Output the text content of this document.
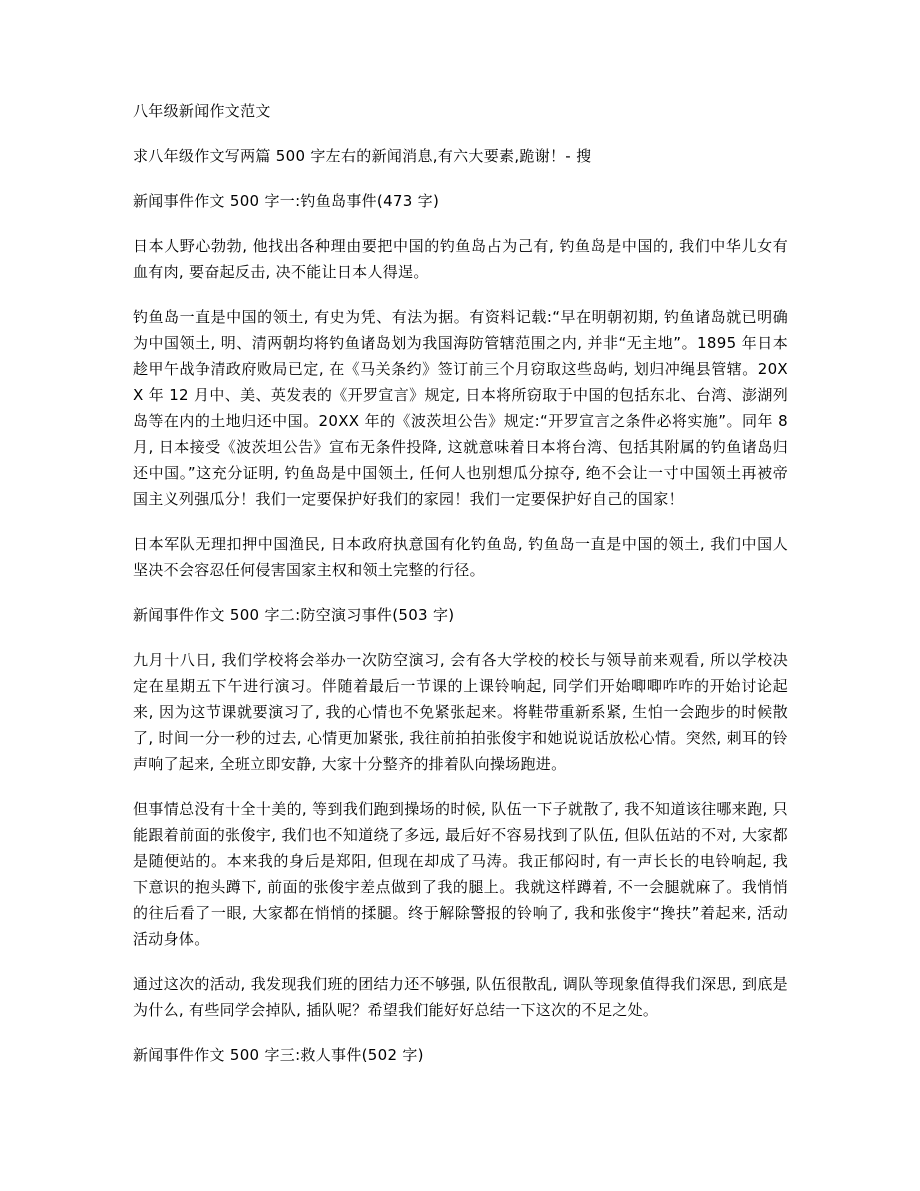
八年级新闻作文范文

求八年级作文写两篇 500 字左右的新闻消息,有六大要素,跪谢！- 搜

新闻事件作文 500 字一:钓鱼岛事件(473 字)

日本人野心勃勃, 他找出各种理由要把中国的钓鱼岛占为己有, 钓鱼岛是中国的, 我们中华儿女有血有肉, 要奋起反击, 决不能让日本人得逞。

钓鱼岛一直是中国的领土, 有史为凭、有法为据。有资料记载:“早在明朝初期, 钓鱼诸岛就已明确为中国领土, 明、清两朝均将钓鱼诸岛划为我国海防管辖范围之内, 并非“无主地”。1895 年日本趁甲午战争清政府败局已定, 在《马关条约》签订前三个月窃取这些岛屿, 划归冲绳县管辖。20XX 年 12 月中、美、英发表的《开罗宣言》规定, 日本将所窃取于中国的包括东北、台湾、澎湖列岛等在内的土地归还中国。20XX 年的《波茨坦公告》规定:“开罗宣言之条件必将实施”。同年 8 月, 日本接受《波茨坦公告》宣布无条件投降, 这就意味着日本将台湾、包括其附属的钓鱼诸岛归还中国。”这充分证明, 钓鱼岛是中国领土, 任何人也别想瓜分掠夺, 绝不会让一寸中国领土再被帝国主义列强瓜分！我们一定要保护好我们的家园！我们一定要保护好自己的国家！

日本军队无理扣押中国渔民, 日本政府执意国有化钓鱼岛, 钓鱼岛一直是中国的领土, 我们中国人坚决不会容忍任何侵害国家主权和领土完整的行径。

新闻事件作文 500 字二:防空演习事件(503 字)

九月十八日, 我们学校将会举办一次防空演习, 会有各大学校的校长与领导前来观看, 所以学校决定在星期五下午进行演习。伴随着最后一节课的上课铃响起, 同学们开始唧唧咋咋的开始讨论起来, 因为这节课就要演习了, 我的心情也不免紧张起来。将鞋带重新系紧, 生怕一会跑步的时候散了, 时间一分一秒的过去, 心情更加紧张, 我往前拍拍张俊宇和她说说话放松心情。突然, 刺耳的铃声响了起来, 全班立即安静, 大家十分整齐的排着队向操场跑进。

但事情总没有十全十美的, 等到我们跑到操场的时候, 队伍一下子就散了, 我不知道该往哪来跑, 只能跟着前面的张俊宇, 我们也不知道绕了多远, 最后好不容易找到了队伍, 但队伍站的不对, 大家都是随便站的。本来我的身后是郑阳, 但现在却成了马涛。我正郁闷时, 有一声长长的电铃响起, 我下意识的抱头蹲下, 前面的张俊宇差点做到了我的腿上。我就这样蹲着, 不一会腿就麻了。我悄悄的往后看了一眼, 大家都在悄悄的揉腿。终于解除警报的铃响了, 我和张俊宇“搀扶”着起来, 活动活动身体。

通过这次的活动, 我发现我们班的团结力还不够强, 队伍很散乱, 调队等现象值得我们深思, 到底是为什么, 有些同学会掉队, 插队呢？希望我们能好好总结一下这次的不足之处。

新闻事件作文 500 字三:救人事件(502 字)
